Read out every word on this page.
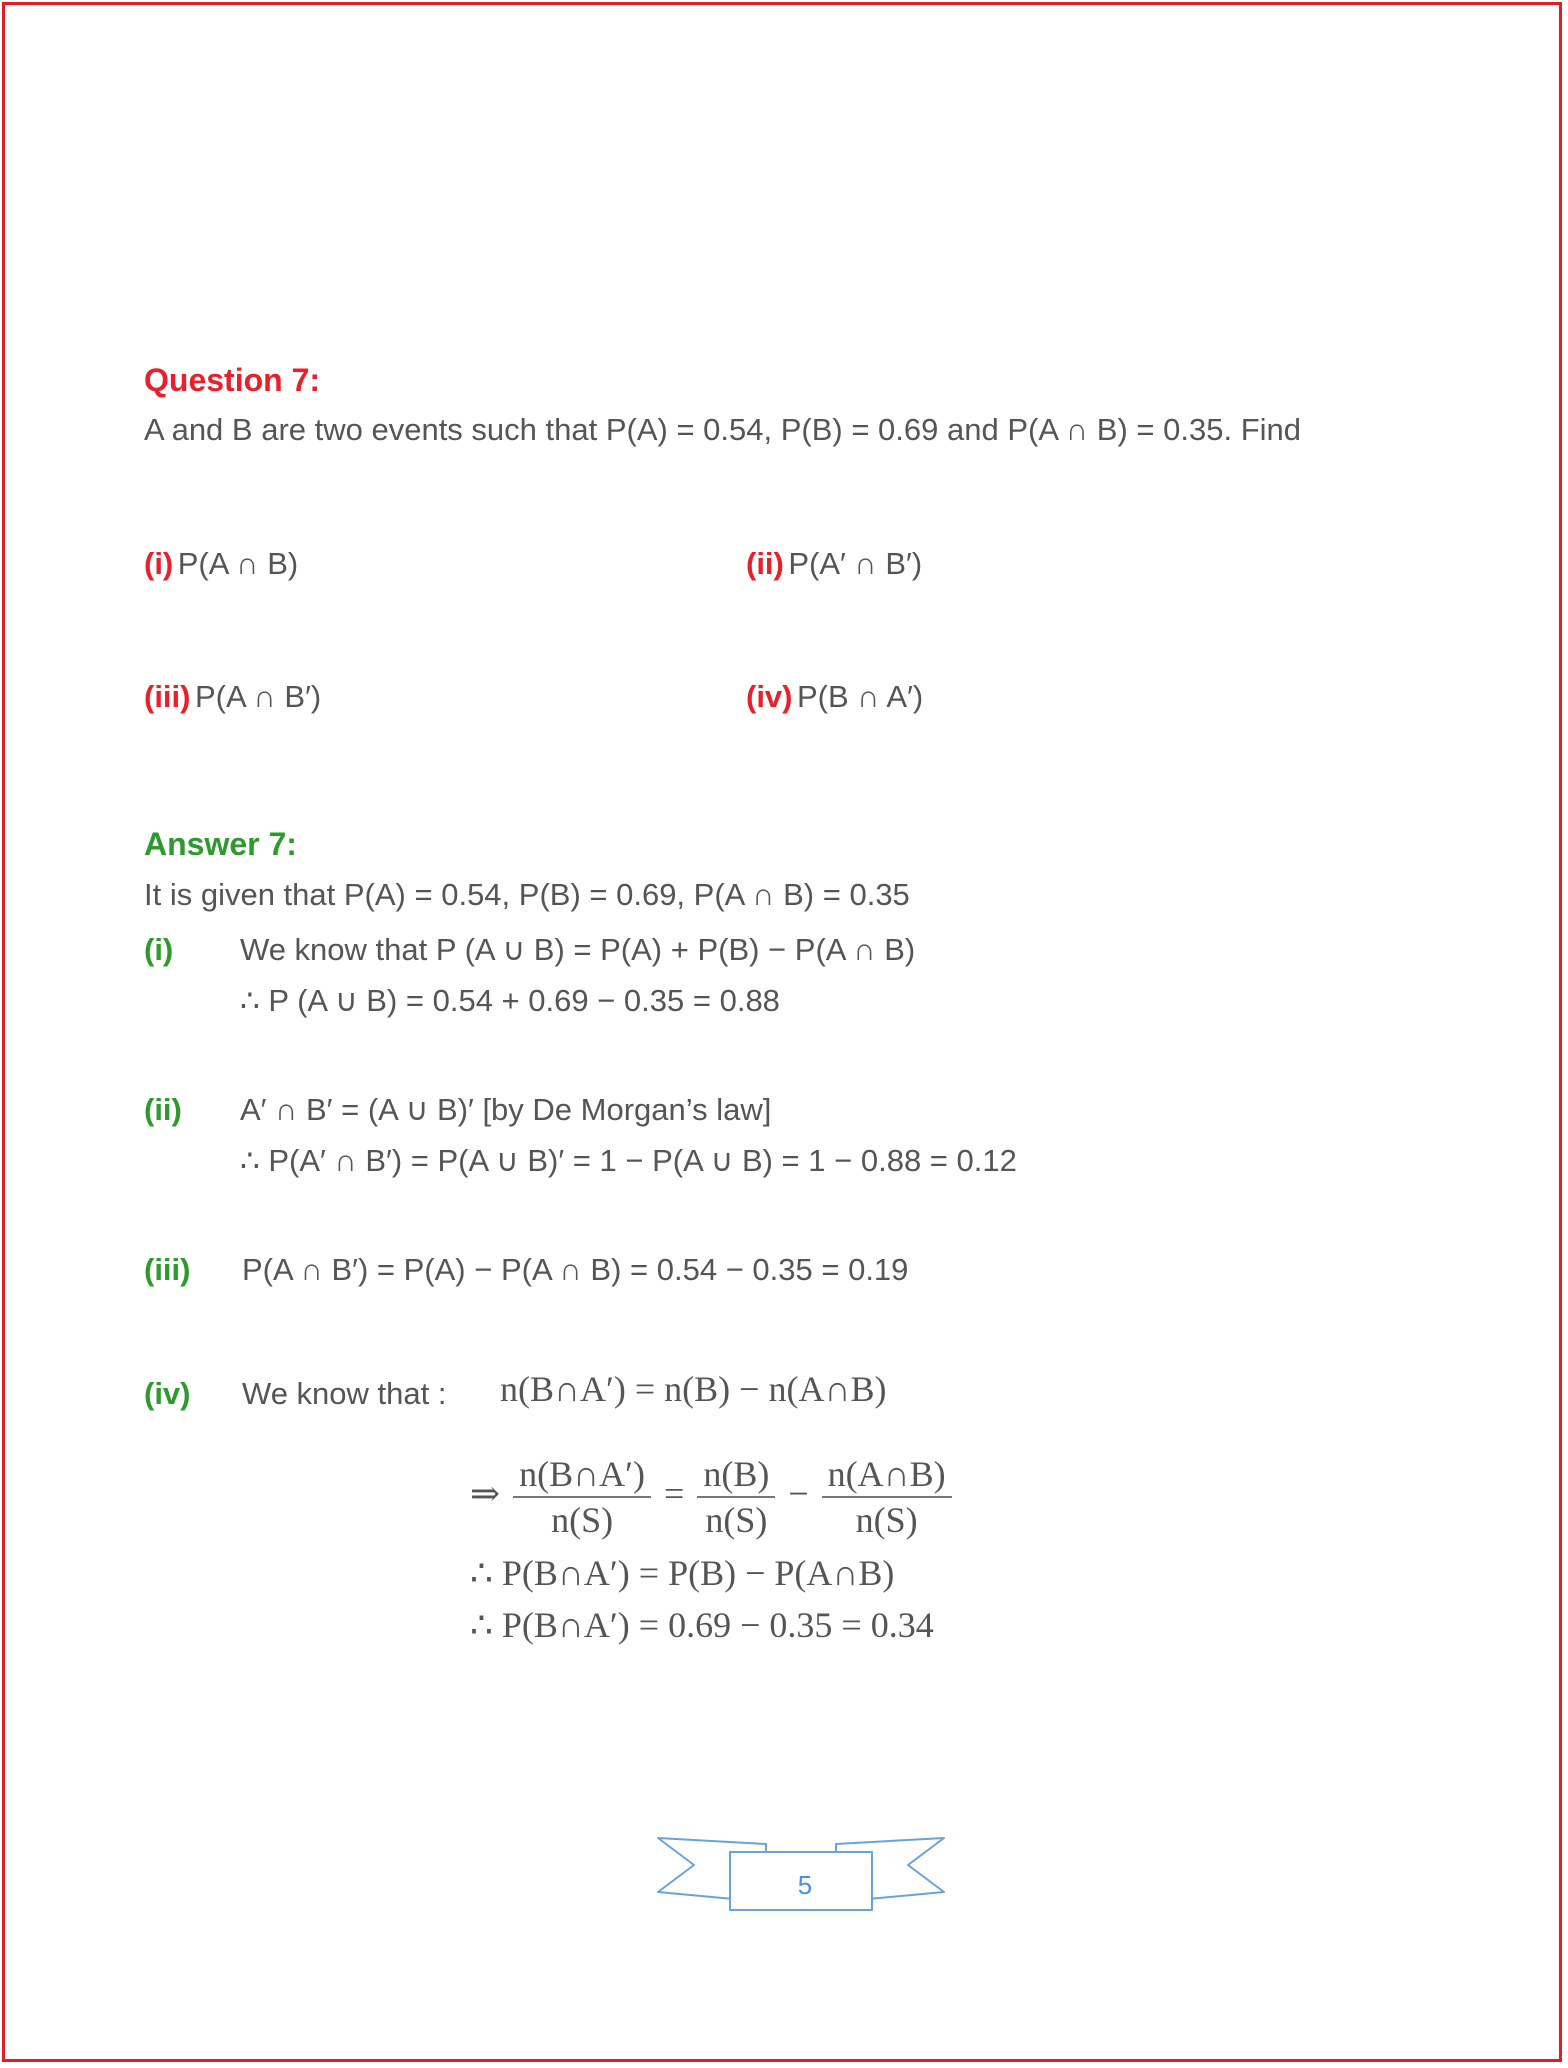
Question 7:
A and B are two events such that P(A) = 0.54, P(B) = 0.69 and P(A ∩ B) = 0.35. Find
(i) P(A ∩ B)	(ii) P(A′ ∩ B′)
(iii) P(A ∩ B′)	(iv) P(B ∩ A′)
Answer 7:
It is given that P(A) = 0.54, P(B) = 0.69, P(A ∩ B) = 0.35
(i) We know that P (A ∪ B) = P(A) + P(B) − P(A ∩ B)
∴ P (A ∪ B) = 0.54 + 0.69 − 0.35 = 0.88
(ii) A′ ∩ B′ = (A ∪ B)′ [by De Morgan’s law]
∴ P(A′ ∩ B′) = P(A ∪ B)′ = 1 − P(A ∪ B) = 1 − 0.88 = 0.12
(iii) P(A ∩ B′) = P(A) − P(A ∩ B) = 0.54 − 0.35 = 0.19
(iv) We know that : n(B∩A′) = n(B) − n(A∩B)
⇒ $\frac{n(B\cap A')}{n(S)} = \frac{n(B)}{n(S)} - \frac{n(A\cap B)}{n(S)}$
∴ P(B∩A′) = P(B) − P(A∩B)
∴ P(B∩A′) = 0.69 − 0.35 = 0.34
5
